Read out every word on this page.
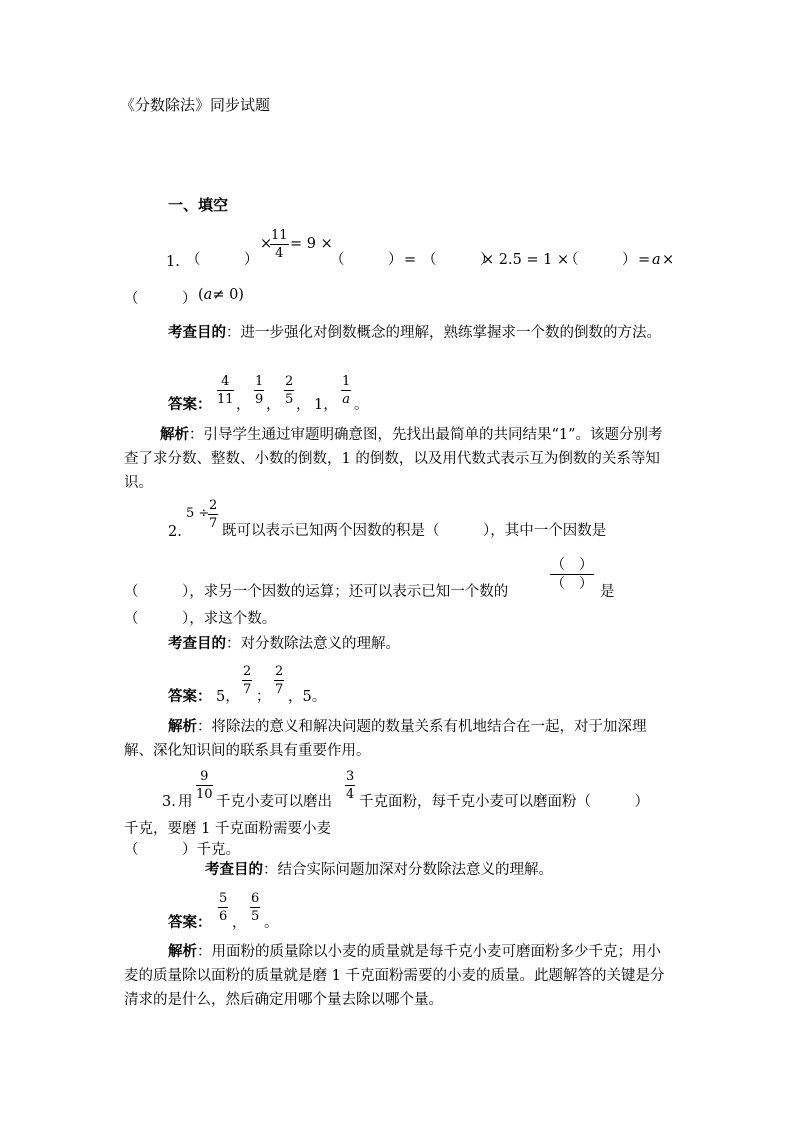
《分数除法》同步试题
一、填空
1. （	）
×
11
4
= 9 ×
（　　　） = （　　　）
× 2.5 = 1 ×
（　　　） = a ×
（　　　） (a≠ 0)
考查目的：进一步强化对倒数概念的理解，熟练掌握求一个数的倒数的方法。
答案：
4
11 ，
1
9 ，
2
5 ， 1，
1
a 。
解析：引导学生通过审题明确意图，先找出最简单的共同结果“1”。该题分别考查了求分数、整数、小数的倒数，1 的倒数，以及用代数式表示互为倒数的关系等知识。
2.
5 ÷
2
7 既可以表示已知两个因数的积是（　　　），其中一个因数是
（　　　），求另一个因数的运算；还可以表示已知一个数的
（　）
（　） 是
（　　　），求这个数。
考查目的：对分数除法意义的理解。
答案： 5，
2
7 ；
2
7 ，5。
解析：将除法的意义和解决问题的数量关系有机地结合在一起，对于加深理解、深化知识间的联系具有重要作用。
3. 用
9
10 千克小麦可以磨出
3
4 千克面粉，每千克小麦可以磨面粉（　　　）
千克，要磨 1 千克面粉需要小麦
（　　　）千克。
考查目的：结合实际问题加深对分数除法意义的理解。
答案：
5
6 ，
6
5 。
解析：用面粉的质量除以小麦的质量就是每千克小麦可磨面粉多少千克；用小麦的质量除以面粉的质量就是磨 1 千克面粉需要的小麦的质量。此题解答的关键是分清求的是什么，然后确定用哪个量去除以哪个量。
